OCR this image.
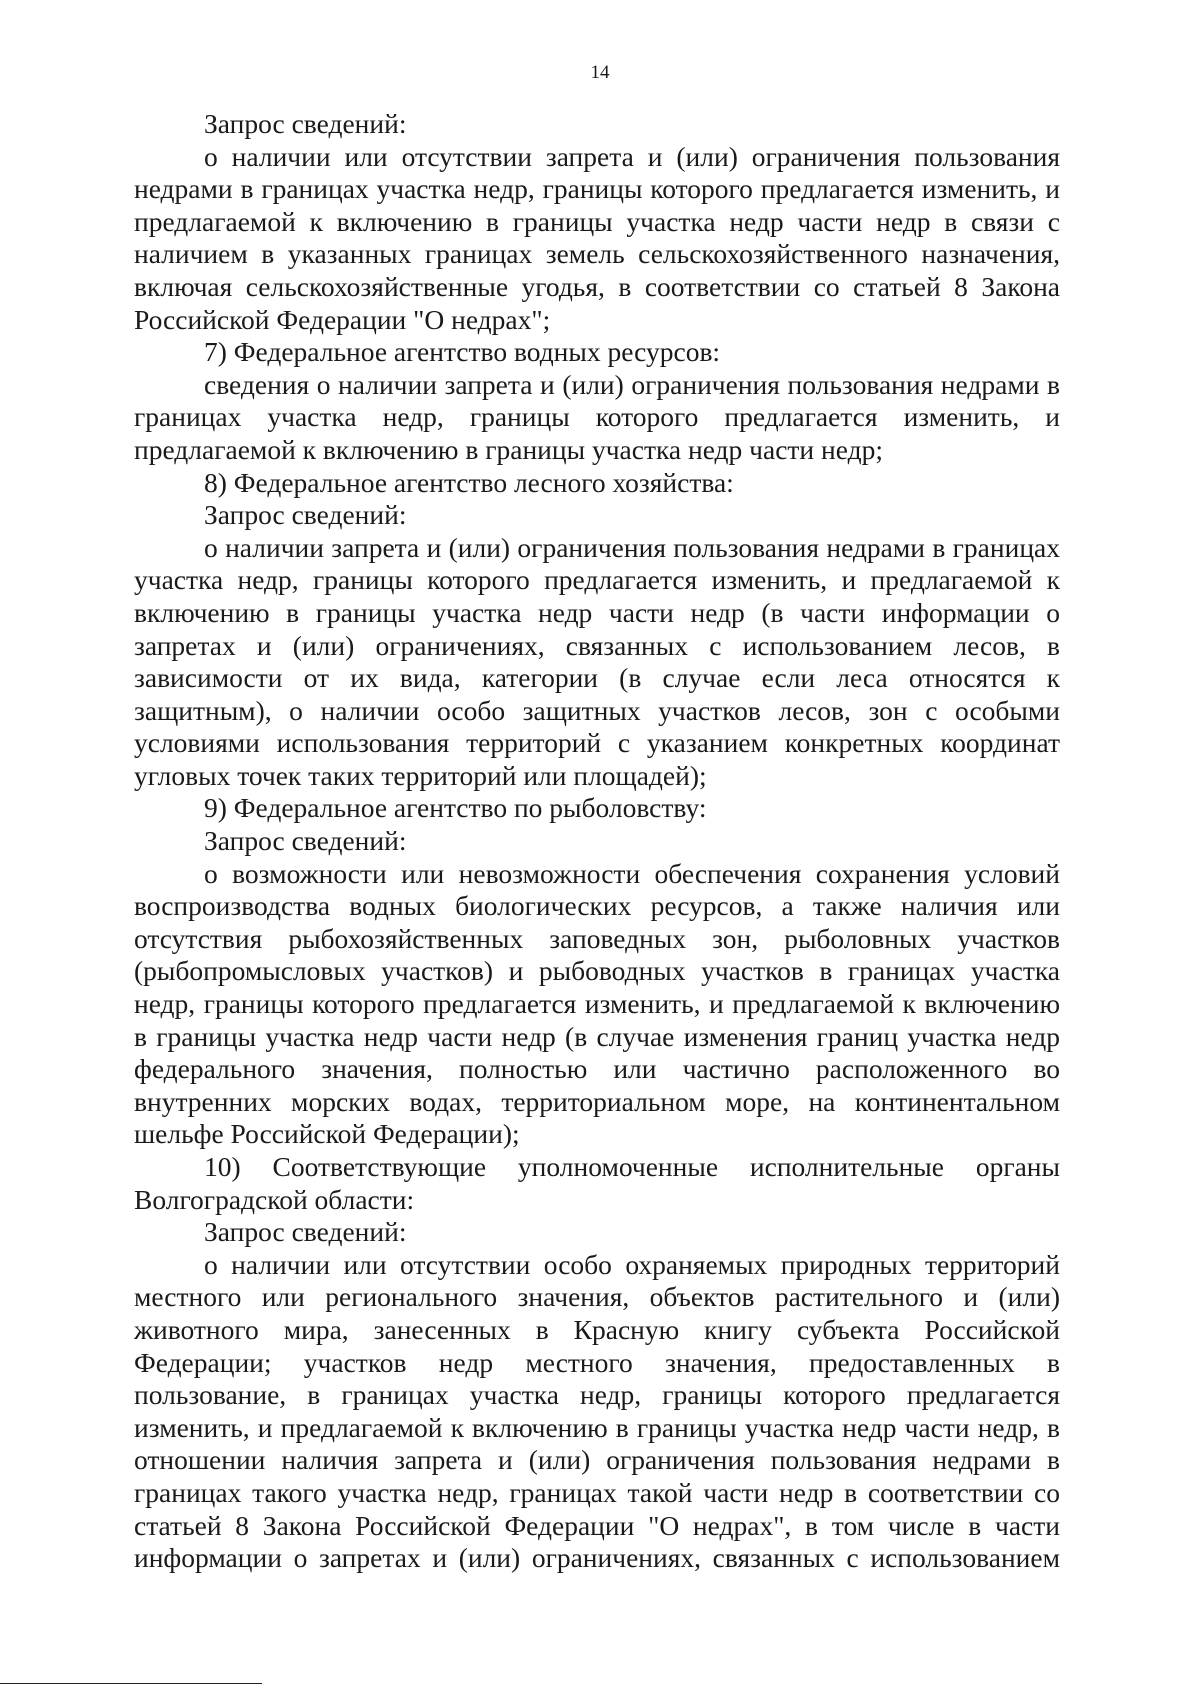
14

Запрос сведений:

о наличии или отсутствии запрета и (или) ограничения пользования недрами в границах участка недр, границы которого предлагается изменить, и предлагаемой к включению в границы участка недр части недр в связи с наличием в указанных границах земель сельскохозяйственного назначения, включая сельскохозяйственные угодья, в соответствии со статьей 8 Закона Российской Федерации "О недрах";

7) Федеральное агентство водных ресурсов:

сведения о наличии запрета и (или) ограничения пользования недрами в границах участка недр, границы которого предлагается изменить, и предлагаемой к включению в границы участка недр части недр;

8) Федеральное агентство лесного хозяйства:

Запрос сведений:

о наличии запрета и (или) ограничения пользования недрами в границах участка недр, границы которого предлагается изменить, и предлагаемой к включению в границы участка недр части недр (в части информации о запретах и (или) ограничениях, связанных с использованием лесов, в зависимости от их вида, категории (в случае если леса относятся к защитным), о наличии особо защитных участков лесов, зон с особыми условиями использования территорий с указанием конкретных координат угловых точек таких территорий или площадей);

9) Федеральное агентство по рыболовству:

Запрос сведений:

о возможности или невозможности обеспечения сохранения условий воспроизводства водных биологических ресурсов, а также наличия или отсутствия рыбохозяйственных заповедных зон, рыболовных участков (рыбопромысловых участков) и рыбоводных участков в границах участка недр, границы которого предлагается изменить, и предлагаемой к включению в границы участка недр части недр (в случае изменения границ участка недр федерального значения, полностью или частично расположенного во внутренних морских водах, территориальном море, на континентальном шельфе Российской Федерации);

10) Соответствующие уполномоченные исполнительные органы Волгоградской области:

Запрос сведений:

о наличии или отсутствии особо охраняемых природных территорий местного или регионального значения, объектов растительного и (или) животного мира, занесенных в Красную книгу субъекта Российской Федерации; участков недр местного значения, предоставленных в пользование, в границах участка недр, границы которого предлагается изменить, и предлагаемой к включению в границы участка недр части недр, в отношении наличия запрета и (или) ограничения пользования недрами в границах такого участка недр, границах такой части недр в соответствии со статьей 8 Закона Российской Федерации "О недрах", в том числе в части информации о запретах и (или) ограничениях, связанных с использованием
